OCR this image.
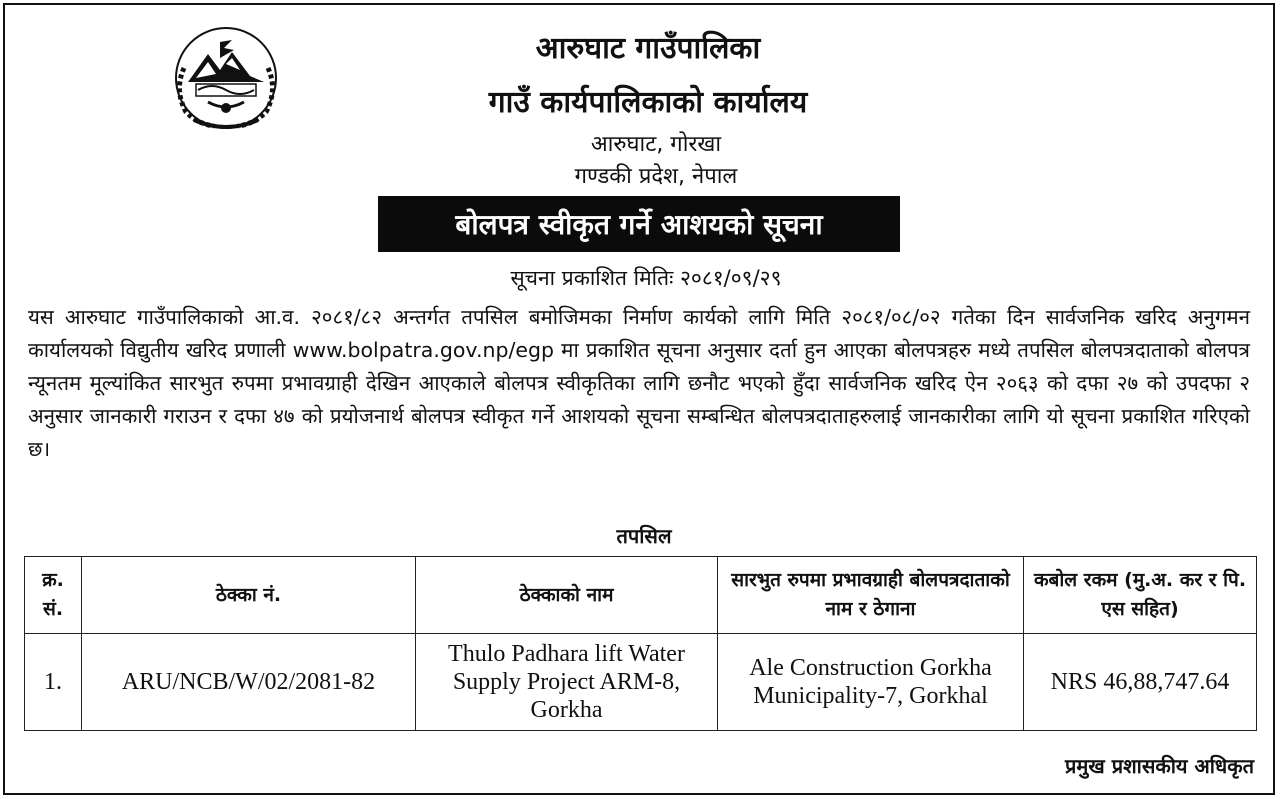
आरुघाट गाउँपालिका
गाउँ कार्यपालिकाको कार्यालय
आरुघाट, गोरखा
गण्डकी प्रदेश, नेपाल
बोलपत्र स्वीकृत गर्ने आशयको सूचना
सूचना प्रकाशित मितिः २०८१/०९/२९
यस आरुघाट गाउँपालिकाको आ.व. २०८१/८२ अन्तर्गत तपसिल बमोजिमका निर्माण कार्यको लागि मिति २०८१/०८/०२ गतेका दिन सार्वजनिक खरिद अनुगमन कार्यालयको विद्युतीय खरिद प्रणाली www.bolpatra.gov.np/egp मा प्रकाशित सूचना अनुसार दर्ता हुन आएका बोलपत्रहरु मध्ये तपसिल बोलपत्रदाताको बोलपत्र न्यूनतम मूल्यांकित सारभुत रुपमा प्रभावग्राही देखिन आएकाले बोलपत्र स्वीकृतिका लागि छनौट भएको हुँदा सार्वजनिक खरिद ऐन २०६३ को दफा २७ को उपदफा २ अनुसार जानकारी गराउन र दफा ४७ को प्रयोजनार्थ बोलपत्र स्वीकृत गर्ने आशयको सूचना सम्बन्धित बोलपत्रदाताहरुलाई जानकारीका लागि यो सूचना प्रकाशित गरिएको छ।
तपसिल
क्र. सं.	ठेक्का नं.	ठेक्काको नाम	सारभुत रुपमा प्रभावग्राही बोलपत्रदाताको नाम र ठेगाना	कबोल रकम (मु.अ. कर र पि. एस सहित)
1.	ARU/NCB/W/02/2081-82	Thulo Padhara lift Water Supply Project ARM-8, Gorkha	Ale Construction Gorkha Municipality-7, Gorkhal	NRS 46,88,747.64
प्रमुख प्रशासकीय अधिकृत
